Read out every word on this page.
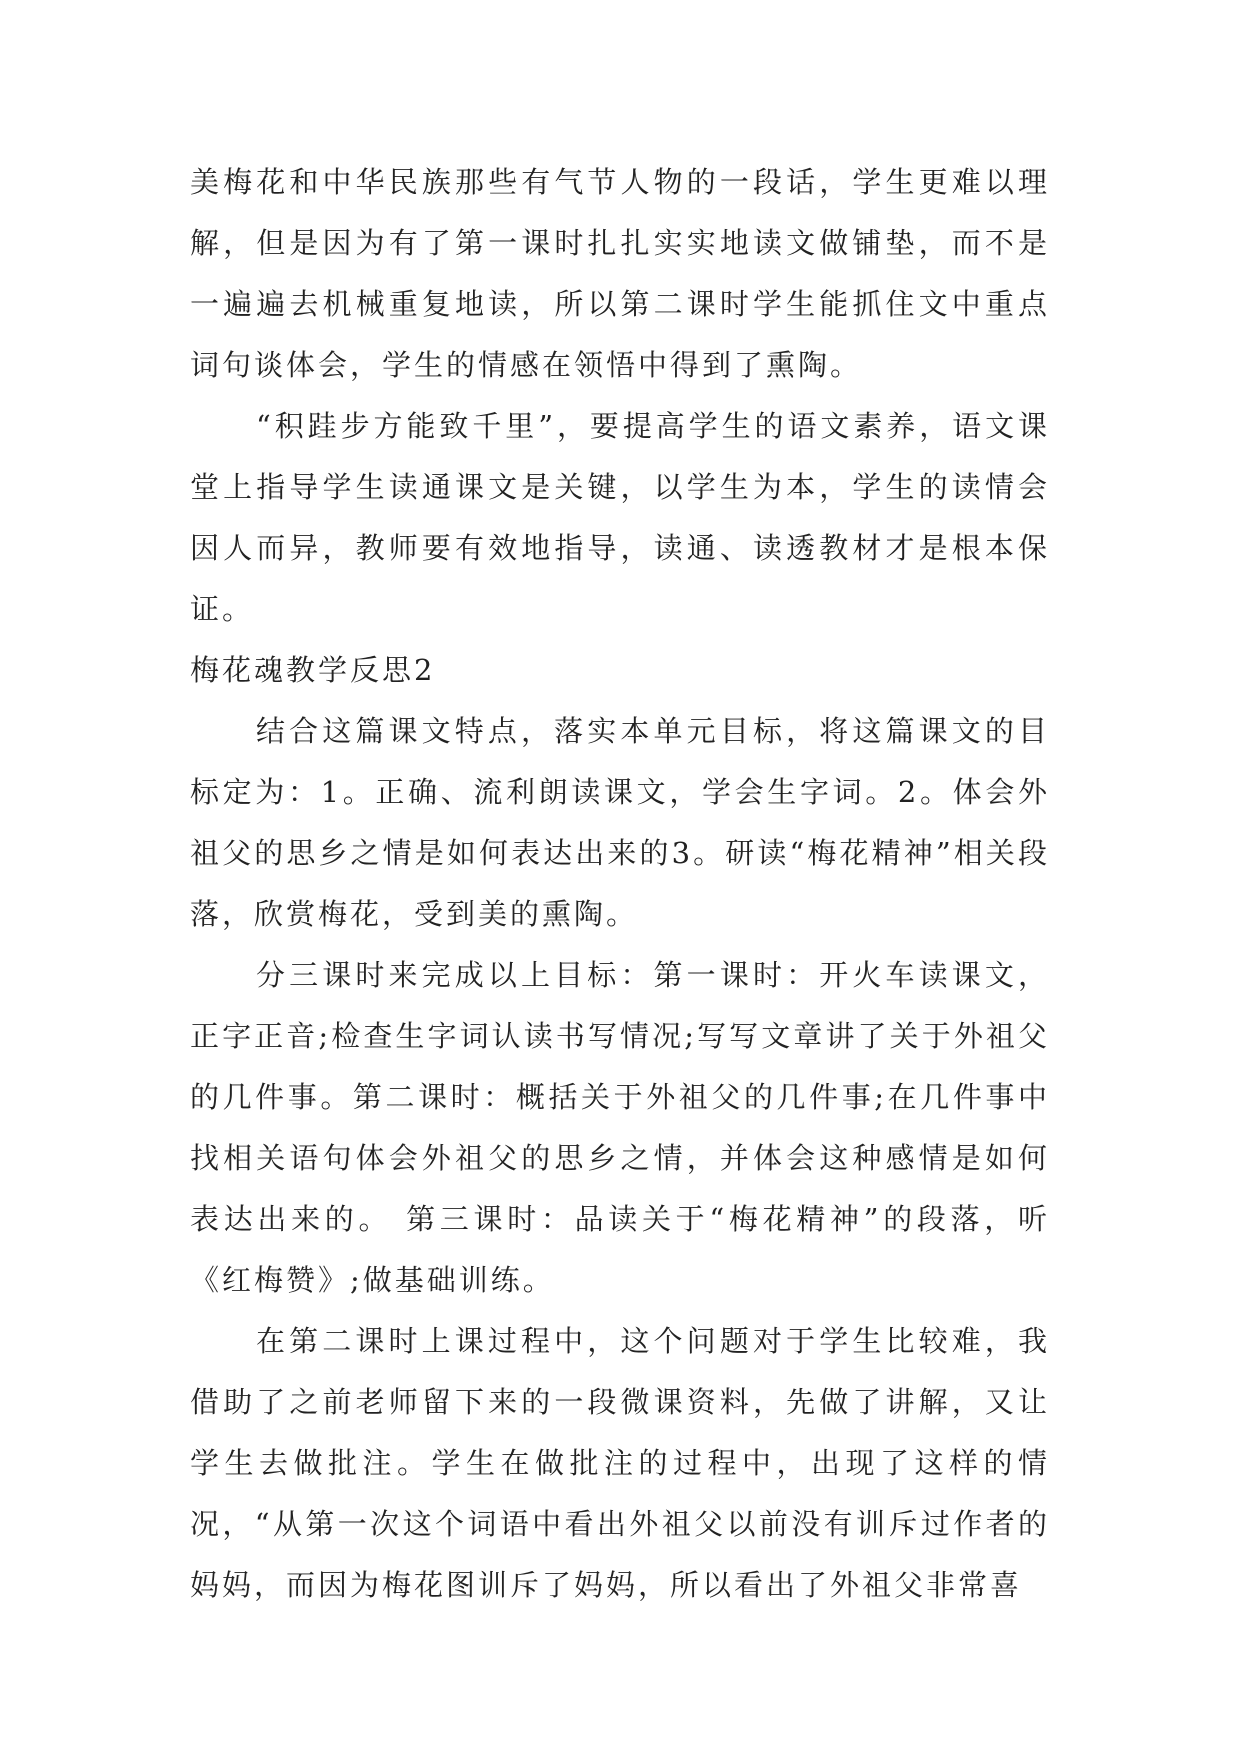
美梅花和中华民族那些有气节人物的一段话，学生更难以理解，但是因为有了第一课时扎扎实实地读文做铺垫，而不是一遍遍去机械重复地读，所以第二课时学生能抓住文中重点词句谈体会，学生的情感在领悟中得到了熏陶。

“积跬步方能致千里”，要提高学生的语文素养，语文课堂上指导学生读通课文是关键，以学生为本，学生的读情会因人而异，教师要有效地指导，读通、读透教材才是根本保证。

梅花魂教学反思2

结合这篇课文特点，落实本单元目标，将这篇课文的目标定为：1。正确、流利朗读课文，学会生字词。2。体会外祖父的思乡之情是如何表达出来的3。研读“梅花精神”相关段落，欣赏梅花，受到美的熏陶。

分三课时来完成以上目标：第一课时：开火车读课文，正字正音;检查生字词认读书写情况;写写文章讲了关于外祖父的几件事。第二课时：概括关于外祖父的几件事;在几件事中找相关语句体会外祖父的思乡之情，并体会这种感情是如何表达出来的。 第三课时：品读关于“梅花精神”的段落，听《红梅赞》;做基础训练。

在第二课时上课过程中，这个问题对于学生比较难，我借助了之前老师留下来的一段微课资料，先做了讲解，又让学生去做批注。学生在做批注的过程中，出现了这样的情况，“从第一次这个词语中看出外祖父以前没有训斥过作者的妈妈，而因为梅花图训斥了妈妈，所以看出了外祖父非常喜
